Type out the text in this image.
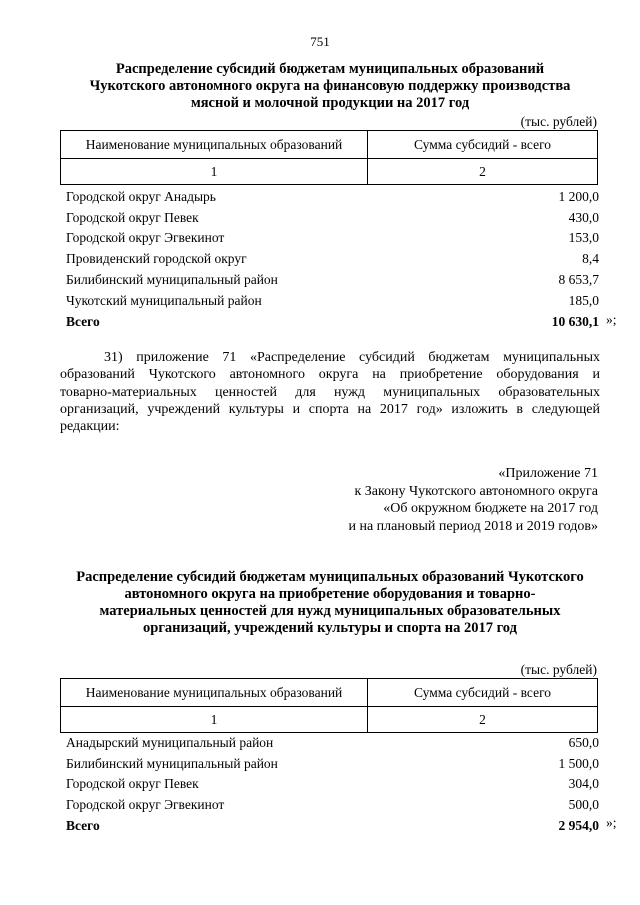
751
Распределение субсидий бюджетам муниципальных образований
Чукотского автономного округа на финансовую поддержку производства
мясной и молочной продукции на 2017 год
(тыс. рублей)
Наименование муниципальных образований	Сумма субсидий - всего
1	2
Городской округ Анадырь	1 200,0
Городской округ Певек	430,0
Городской округ Эгвекинот	153,0
Провиденский городской округ	8,4
Билибинский муниципальный район	8 653,7
Чукотский муниципальный район	185,0
Всего	10 630,1 »;
31) приложение 71 «Распределение субсидий бюджетам муниципальных
образований Чукотского автономного округа на приобретение оборудования и
товарно-материальных ценностей для нужд муниципальных образовательных
организаций, учреждений культуры и спорта на 2017 год» изложить в следующей
редакции:
«Приложение 71
к Закону Чукотского автономного округа
«Об окружном бюджете на 2017 год
и на плановый период 2018 и 2019 годов»
Распределение субсидий бюджетам муниципальных образований Чукотского
автономного округа на приобретение оборудования и товарно-
материальных ценностей для нужд муниципальных образовательных
организаций, учреждений культуры и спорта на 2017 год
(тыс. рублей)
Наименование муниципальных образований	Сумма субсидий - всего
1	2
Анадырский муниципальный район	650,0
Билибинский муниципальный район	1 500,0
Городской округ Певек	304,0
Городской округ Эгвекинот	500,0
Всего	2 954,0 »;
